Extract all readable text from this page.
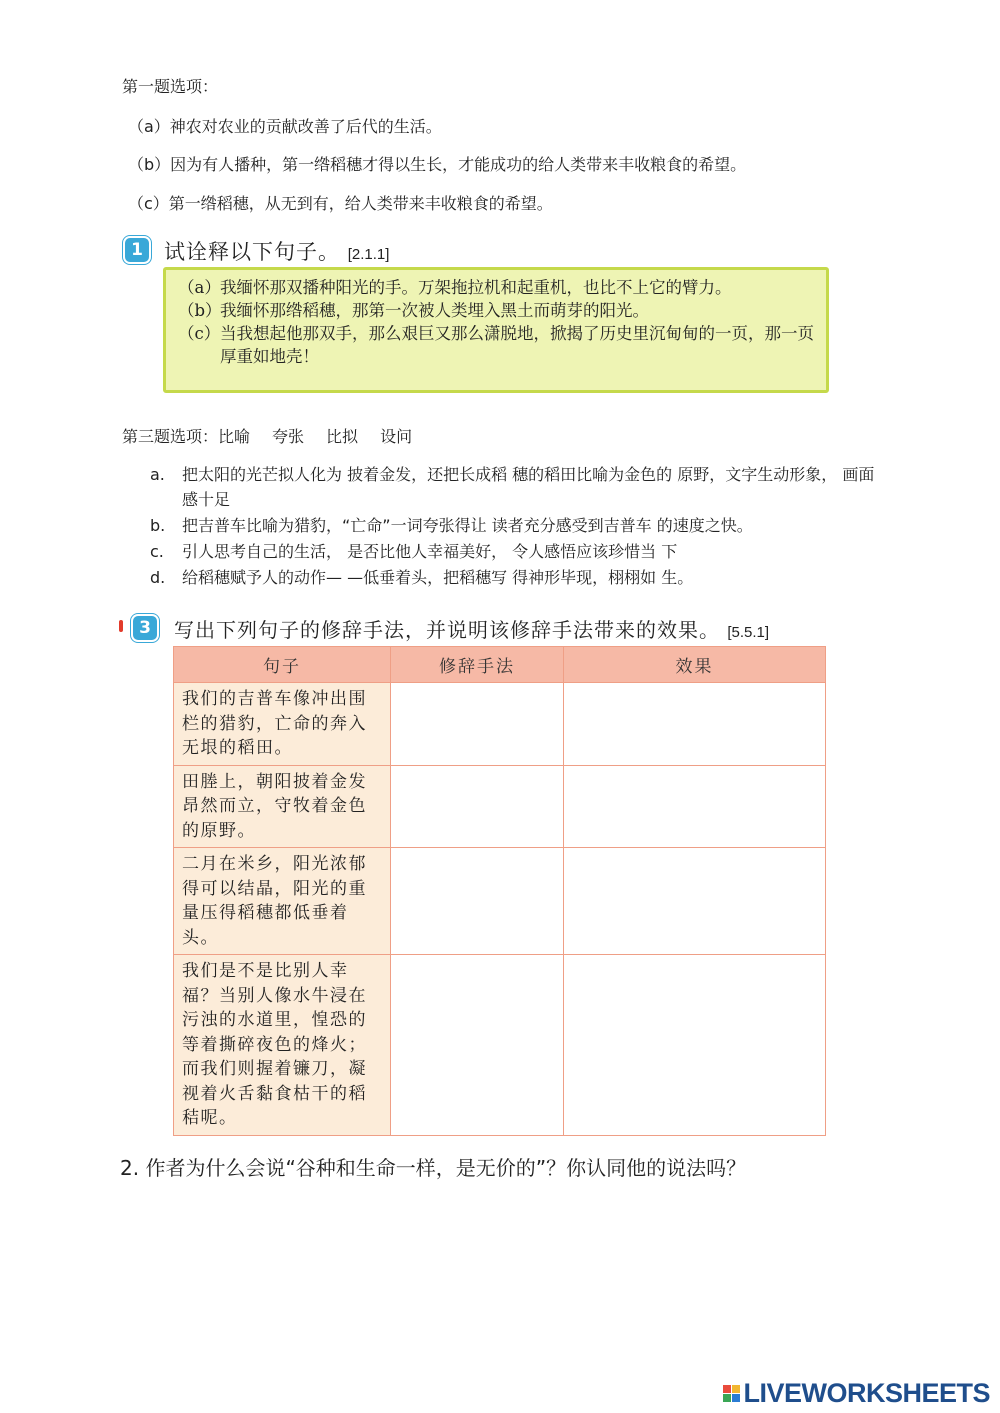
第一题选项：
（a）神农对农业的贡献改善了后代的生活。
（b）因为有人播种，第一绺稻穗才得以生长，才能成功的给人类带来丰收粮食的希望。
（c）第一绺稻穗，从无到有，给人类带来丰收粮食的希望。
1	试诠释以下句子。 [2.1.1]
（a） 我缅怀那双播种阳光的手。万架拖拉机和起重机，也比不上它的臂力。
（b）
我缅怀那绺稻穗，那第一次被人类埋入黑土而萌芽的阳光。
（c） 当我想起他那双手，那么艰巨又那么潇脱地，掀揭了历史里沉甸甸的一页，那一页厚重如地壳！
第三题选项：比喻 夸张 比拟 设问
a.	把太阳的光芒拟人化为 披着金发，还把长成稻 穗的稻田比喻为金色的 原野，文字生动形象， 画面感十足
b.	把吉普车比喻为猎豹，“亡命”一词夸张得让 读者充分感受到吉普车 的速度之快。
c.	引人思考自己的生活， 是否比他人幸福美好， 令人感悟应该珍惜当 下
d.	给稻穗赋予人的动作— —低垂着头，把稻穗写 得神形毕现，栩栩如 生。
3	写出下列句子的修辞手法，并说明该修辞手法带来的效果。 [5.5.1]
句子	修辞手法	效果
我们的吉普车像冲出围栏的猎豹，亡命的奔入无垠的稻田。		
田塍上，朝阳披着金发昂然而立，守牧着金色的原野。		
二月在米乡，阳光浓郁得可以结晶，阳光的重量压得稻穗都低垂着头。		
我们是不是比别人幸福？当别人像水牛浸在污浊的水道里，惶恐的等着撕碎夜色的烽火；而我们则握着镰刀，凝视着火舌黏食枯干的稻秸呢。		
2. 作者为什么会说“谷种和生命一样，是无价的”？你认同他的说法吗？
LIVEWORKSHEETS
